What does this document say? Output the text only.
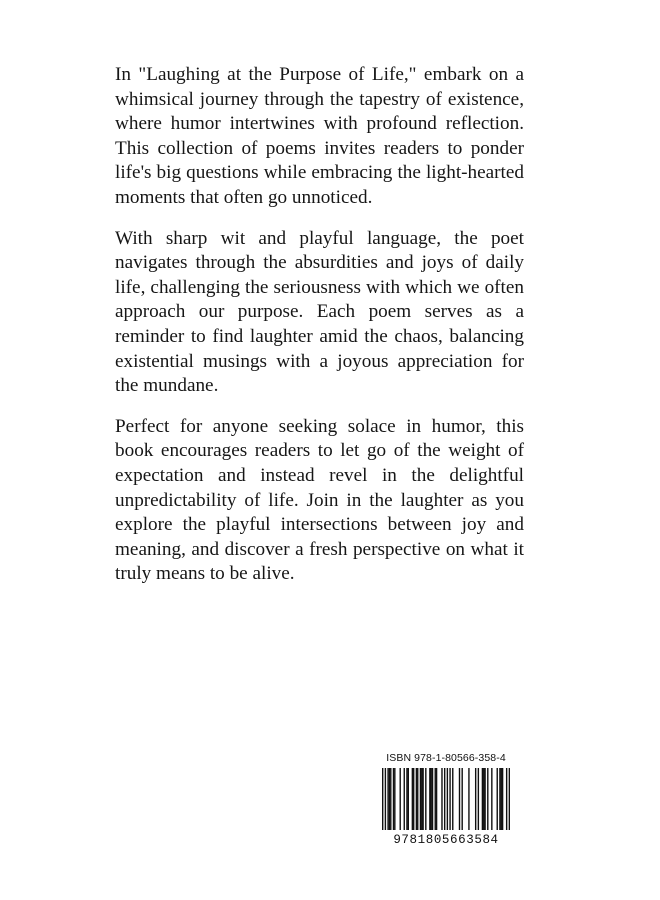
In "Laughing at the Purpose of Life," embark on a whimsical journey through the tapestry of existence, where humor intertwines with profound reflection. This collection of poems invites readers to ponder life's big questions while embracing the light-hearted moments that often go unnoticed.

With sharp wit and playful language, the poet navigates through the absurdities and joys of daily life, challenging the seriousness with which we often approach our purpose. Each poem serves as a reminder to find laughter amid the chaos, balancing existential musings with a joyous appreciation for the mundane.

Perfect for anyone seeking solace in humor, this book encourages readers to let go of the weight of expectation and instead revel in the delightful unpredictability of life. Join in the laughter as you explore the playful intersections between joy and meaning, and discover a fresh perspective on what it truly means to be alive.

ISBN 978-1-80566-358-4
9781805663584
